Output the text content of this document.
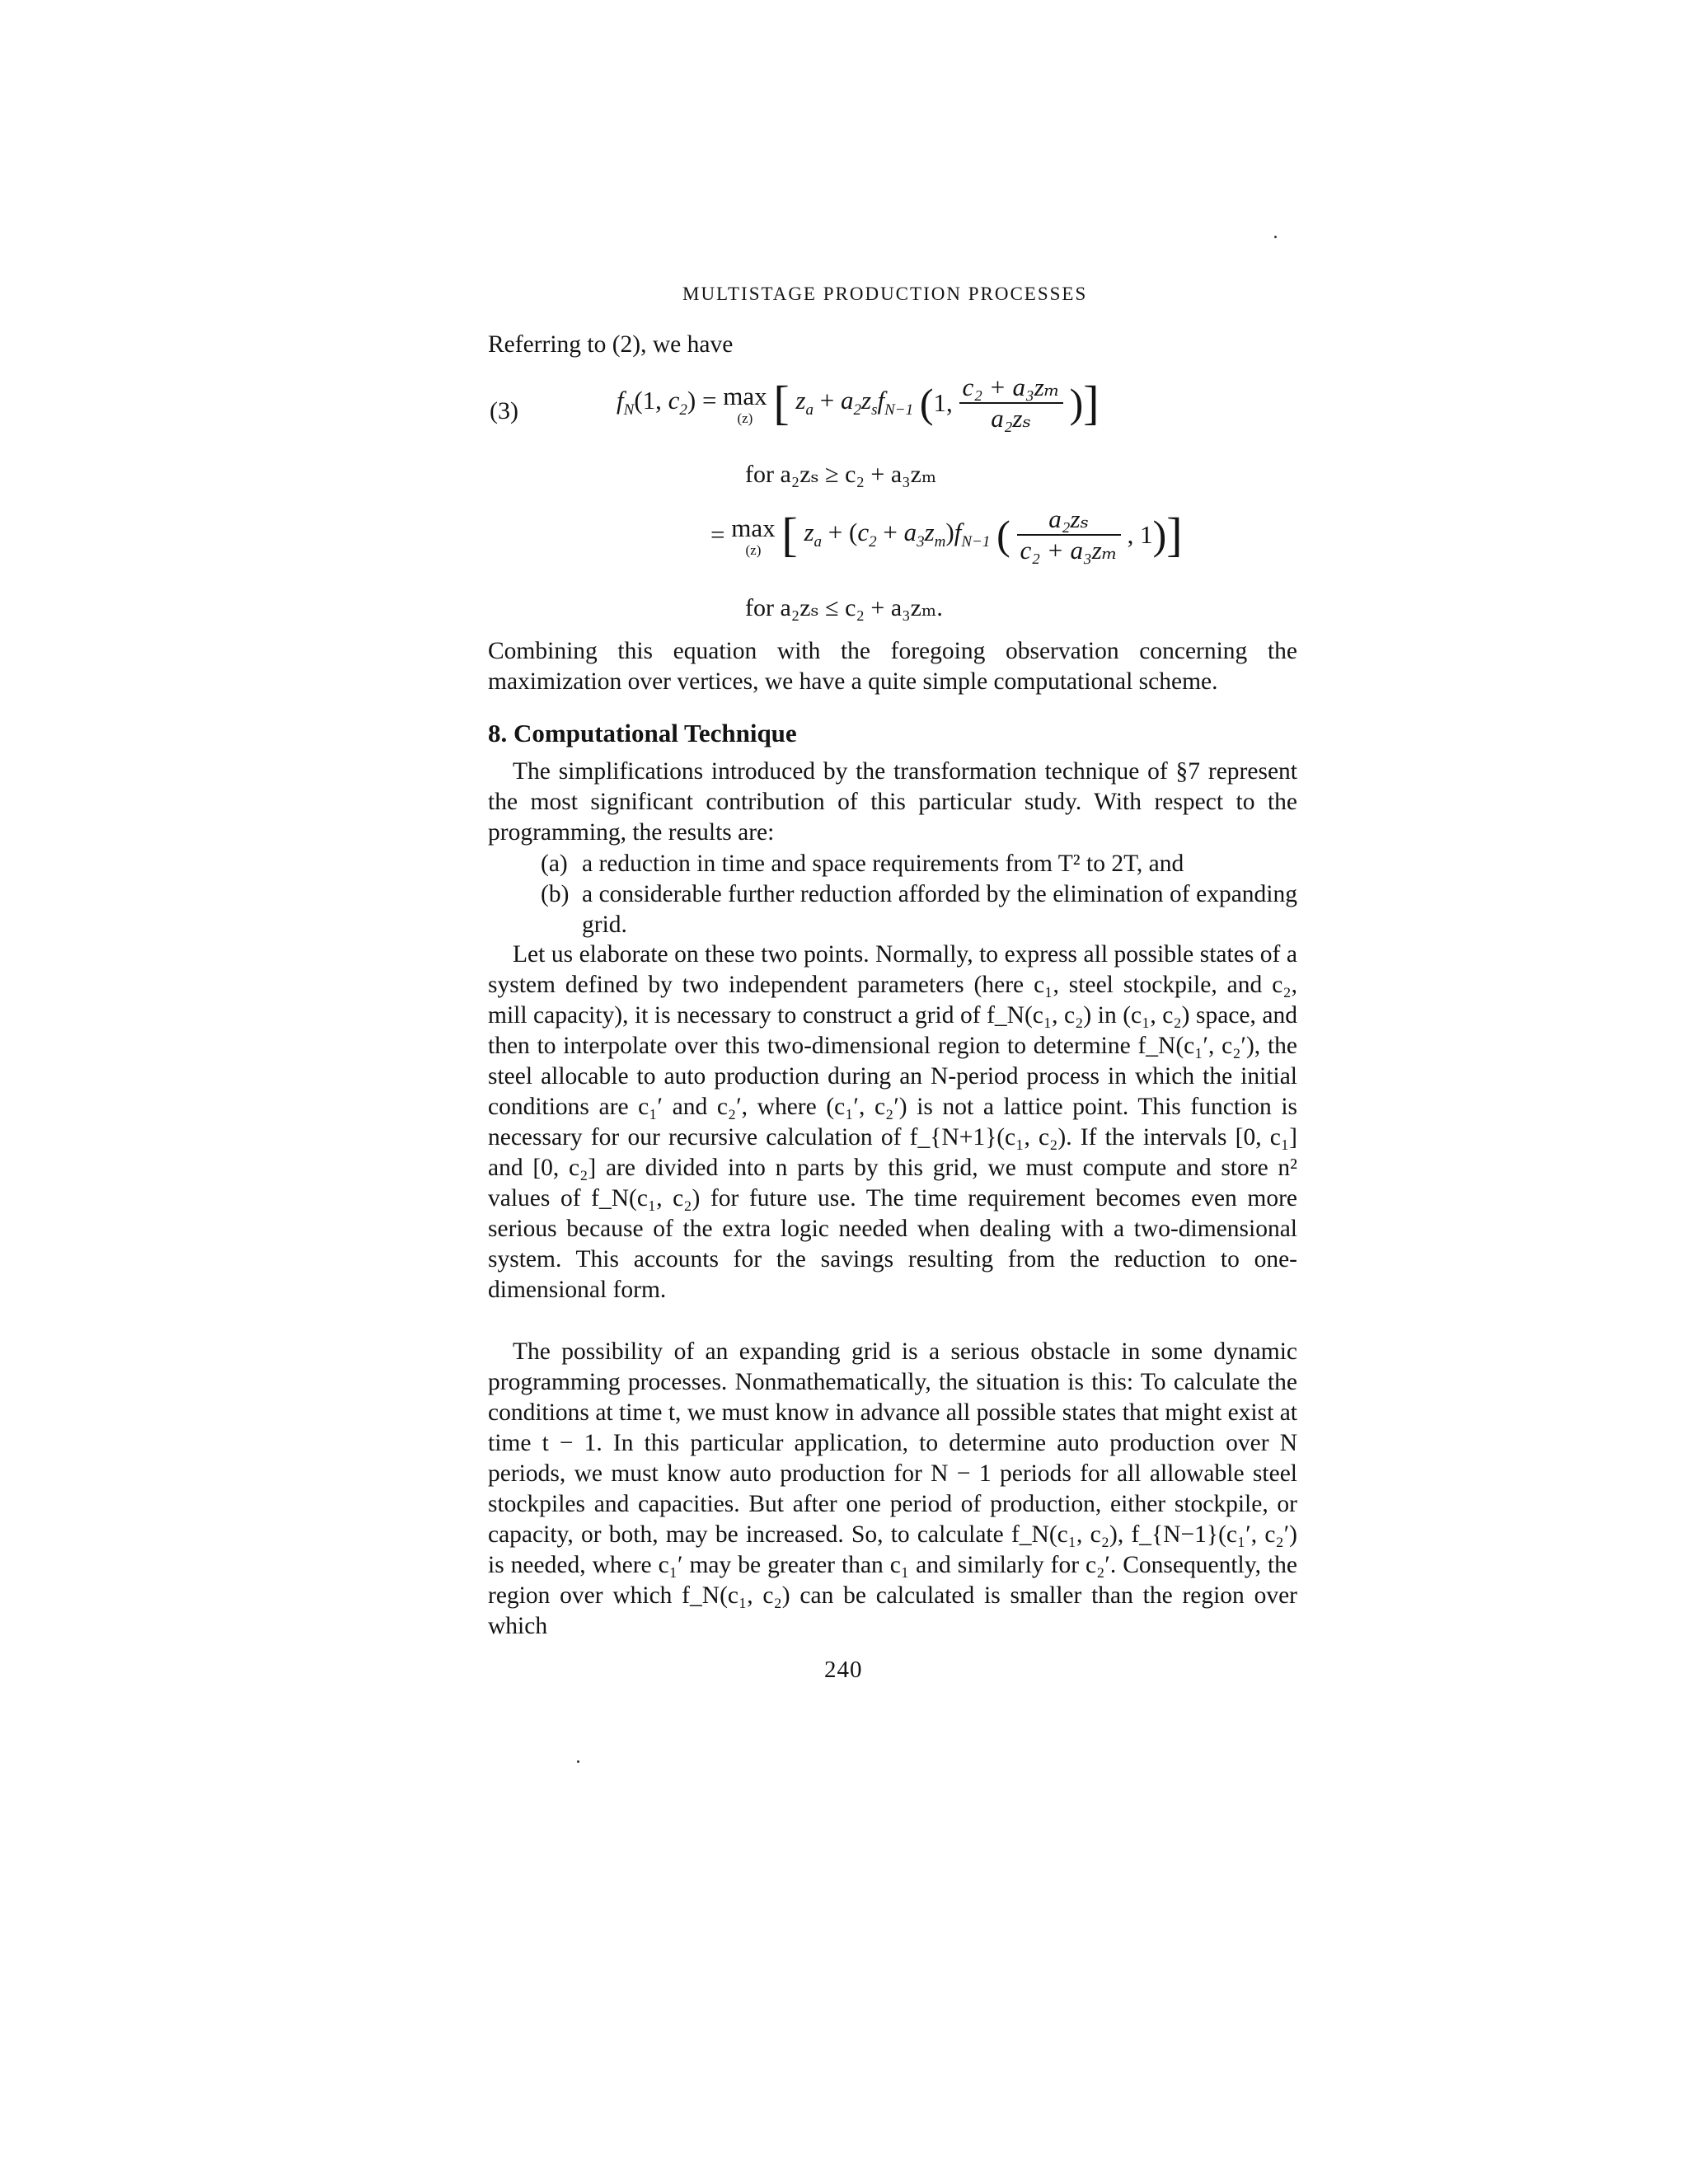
MULTISTAGE PRODUCTION PROCESSES
Referring to (2), we have
(3)	$f_N(1$, $c_2) = \max$
(z) [ $z_a + a_2z_sf_{N-1}$ (1, $\frac{\text{c₂ + a₃zₘ}}{\text{a₂zₛ}}$ )]
for a₂zₛ ≥ c₂ + a₃zₘ
= max
(z) [ $z_a + (c_2 + a_3z_m)f_{N-1}$ ( $\frac{\text{a₂zₛ}}{\text{c₂ + a₃zₘ}}$ , 1)]
for a₂zₛ ≤ c₂ + a₃zₘ.
Combining this equation with the foregoing observation concerning the maximization over vertices, we have a quite simple computational scheme.
8. Computational Technique
The simplifications introduced by the transformation technique of §7 represent the most significant contribution of this particular study. With respect to the programming, the results are:
(a) a reduction in time and space requirements from T² to 2T, and
(b) a considerable further reduction afforded by the elimination of expanding grid.
Let us elaborate on these two points. Normally, to express all possible states of a system defined by two independent parameters (here c₁, steel stockpile, and c₂, mill capacity), it is necessary to construct a grid of f_N(c₁, c₂) in (c₁, c₂) space, and then to interpolate over this two-dimensional region to determine f_N(c₁′, c₂′), the steel allocable to auto production during an N-period process in which the initial conditions are c₁′ and c₂′, where (c₁′, c₂′) is not a lattice point. This function is necessary for our recursive calculation of f_{N+1}(c₁, c₂). If the intervals [0, c₁] and [0, c₂] are divided into n parts by this grid, we must compute and store n² values of f_N(c₁, c₂) for future use. The time requirement becomes even more serious because of the extra logic needed when dealing with a two-dimensional system. This accounts for the savings resulting from the reduction to one-dimensional form.
The possibility of an expanding grid is a serious obstacle in some dynamic programming processes. Nonmathematically, the situation is this: To calculate the conditions at time t, we must know in advance all possible states that might exist at time t − 1. In this particular application, to determine auto production over N periods, we must know auto production for N − 1 periods for all allowable steel stockpiles and capacities. But after one period of production, either stockpile, or capacity, or both, may be increased. So, to calculate f_N(c₁, c₂), f_{N−1}(c₁′, c₂′) is needed, where c₁′ may be greater than c₁ and similarly for c₂′. Consequently, the region over which f_N(c₁, c₂) can be calculated is smaller than the region over which
240
